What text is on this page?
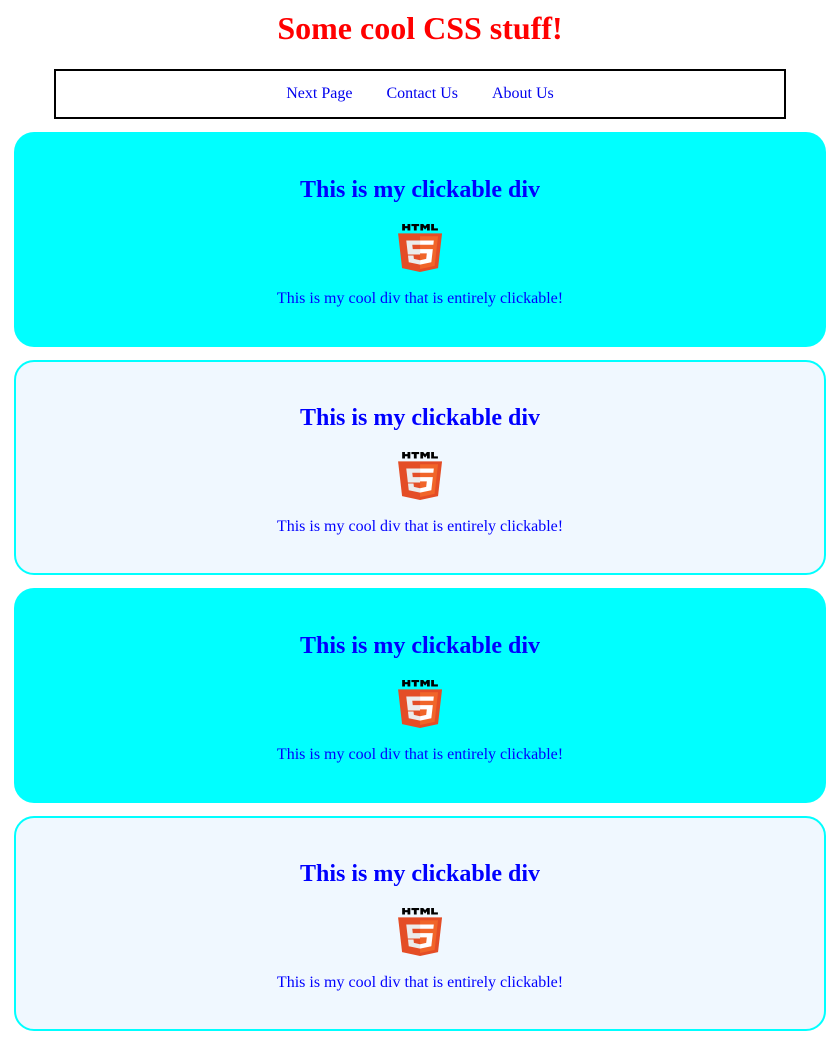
Some cool CSS stuff!
Next Page Contact Us About Us
This is my clickable div

This is my cool div that is entirely clickable!

This is my clickable div

This is my cool div that is entirely clickable!

This is my clickable div

This is my cool div that is entirely clickable!

This is my clickable div

This is my cool div that is entirely clickable!
